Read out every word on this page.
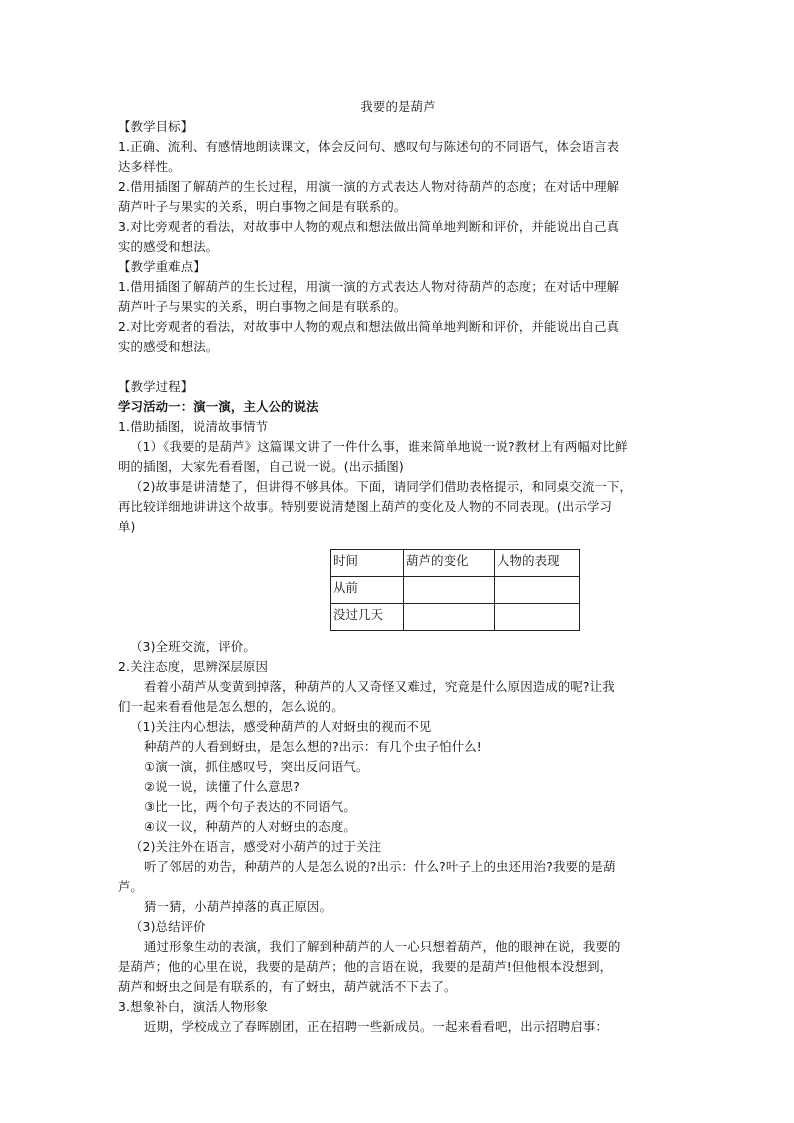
我要的是葫芦

【教学目标】

1.正确、流利、有感情地朗读课文，体会反问句、感叹句与陈述句的不同语气，体会语言表

达多样性。

2.借用插图了解葫芦的生长过程，用演一演的方式表达人物对待葫芦的态度；在对话中理解

葫芦叶子与果实的关系，明白事物之间是有联系的。

3.对比旁观者的看法，对故事中人物的观点和想法做出简单地判断和评价，并能说出自己真

实的感受和想法。

【教学重难点】

1.借用插图了解葫芦的生长过程，用演一演的方式表达人物对待葫芦的态度；在对话中理解

葫芦叶子与果实的关系，明白事物之间是有联系的。

2.对比旁观者的看法，对故事中人物的观点和想法做出简单地判断和评价，并能说出自己真

实的感受和想法。

【教学过程】

学习活动一：演一演，主人公的说法

1.借助插图，说清故事情节

（1）《我要的是葫芦》这篇课文讲了一件什么事，谁来简单地说一说?教材上有两幅对比鲜

明的插图，大家先看看图，自己说一说。(出示插图)

（2)故事是讲清楚了，但讲得不够具体。下面，请同学们借助表格提示，和同桌交流一下，

再比较详细地讲讲这个故事。特别要说清楚图上葫芦的变化及人物的不同表现。(出示学习

单)

时间	葫芦的变化	人物的表现
从前		
没过几天		

（3)全班交流，评价。

2.关注态度，思辨深层原因

看着小葫芦从变黄到掉落，种葫芦的人又奇怪又难过，究竟是什么原因造成的呢?让我

们一起来看看他是怎么想的，怎么说的。

（1)关注内心想法，感受种葫芦的人对蚜虫的视而不见

种葫芦的人看到蚜虫，是怎么想的?出示：有几个虫子怕什么!

①演一演，抓住感叹号，突出反问语气。

②说一说，读懂了什么意思?

③比一比，两个句子表达的不同语气。

④议一议，种葫芦的人对蚜虫的态度。

（2)关注外在语言，感受对小葫芦的过于关注

听了邻居的劝告，种葫芦的人是怎么说的?出示：什么?叶子上的虫还用治?我要的是葫

芦。

猜一猜，小葫芦掉落的真正原因。

（3)总结评价

通过形象生动的表演，我们了解到种葫芦的人一心只想着葫芦，他的眼神在说，我要的

是葫芦；他的心里在说，我要的是葫芦；他的言语在说，我要的是葫芦!但他根本没想到，

葫芦和蚜虫之间是有联系的，有了蚜虫，葫芦就活不下去了。

3.想象补白，演活人物形象

近期，学校成立了春晖剧团，正在招聘一些新成员。一起来看看吧，出示招聘启事：
